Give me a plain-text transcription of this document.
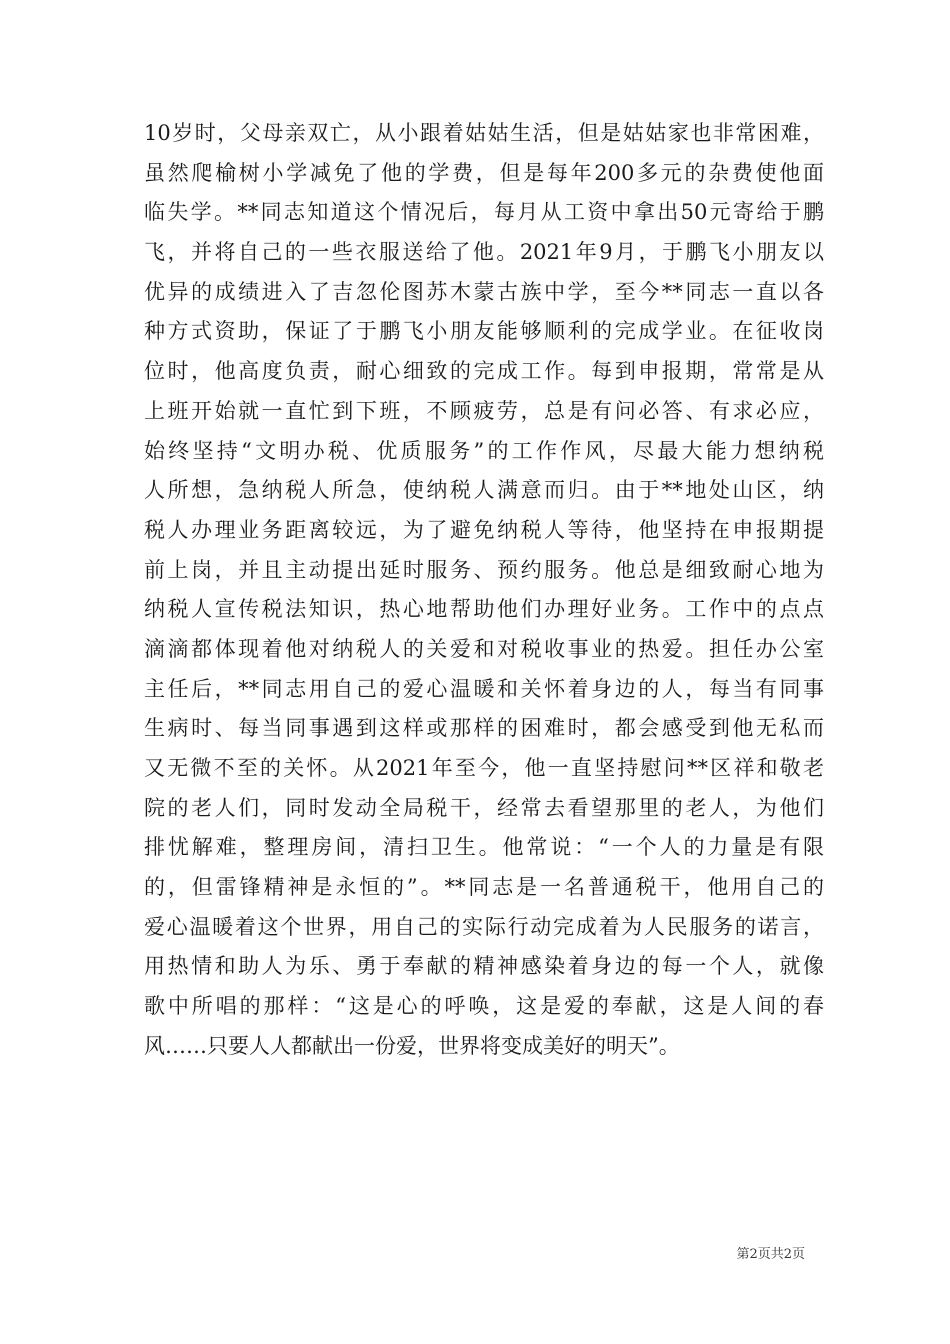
10岁时，父母亲双亡，从小跟着姑姑生活，但是姑姑家也非常困难，
虽然爬榆树小学减免了他的学费，但是每年200多元的杂费使他面
临失学。**同志知道这个情况后，每月从工资中拿出50元寄给于鹏
飞，并将自己的一些衣服送给了他。2021年9月，于鹏飞小朋友以
优异的成绩进入了吉忽伦图苏木蒙古族中学，至今**同志一直以各
种方式资助，保证了于鹏飞小朋友能够顺利的完成学业。在征收岗
位时，他高度负责，耐心细致的完成工作。每到申报期，常常是从
上班开始就一直忙到下班，不顾疲劳，总是有问必答、有求必应，
始终坚持“文明办税、优质服务”的工作作风，尽最大能力想纳税
人所想，急纳税人所急，使纳税人满意而归。由于**地处山区，纳
税人办理业务距离较远，为了避免纳税人等待，他坚持在申报期提
前上岗，并且主动提出延时服务、预约服务。他总是细致耐心地为
纳税人宣传税法知识，热心地帮助他们办理好业务。工作中的点点
滴滴都体现着他对纳税人的关爱和对税收事业的热爱。担任办公室
主任后，**同志用自己的爱心温暖和关怀着身边的人，每当有同事
生病时、每当同事遇到这样或那样的困难时，都会感受到他无私而
又无微不至的关怀。从2021年至今，他一直坚持慰问**区祥和敬老
院的老人们，同时发动全局税干，经常去看望那里的老人，为他们
排忧解难，整理房间，清扫卫生。他常说：“一个人的力量是有限
的，但雷锋精神是永恒的”。**同志是一名普通税干，他用自己的
爱心温暖着这个世界，用自己的实际行动完成着为人民服务的诺言，
用热情和助人为乐、勇于奉献的精神感染着身边的每一个人，就像
歌中所唱的那样：“这是心的呼唤，这是爱的奉献，这是人间的春
风……只要人人都献出一份爱，世界将变成美好的明天”。
第2页共2页
